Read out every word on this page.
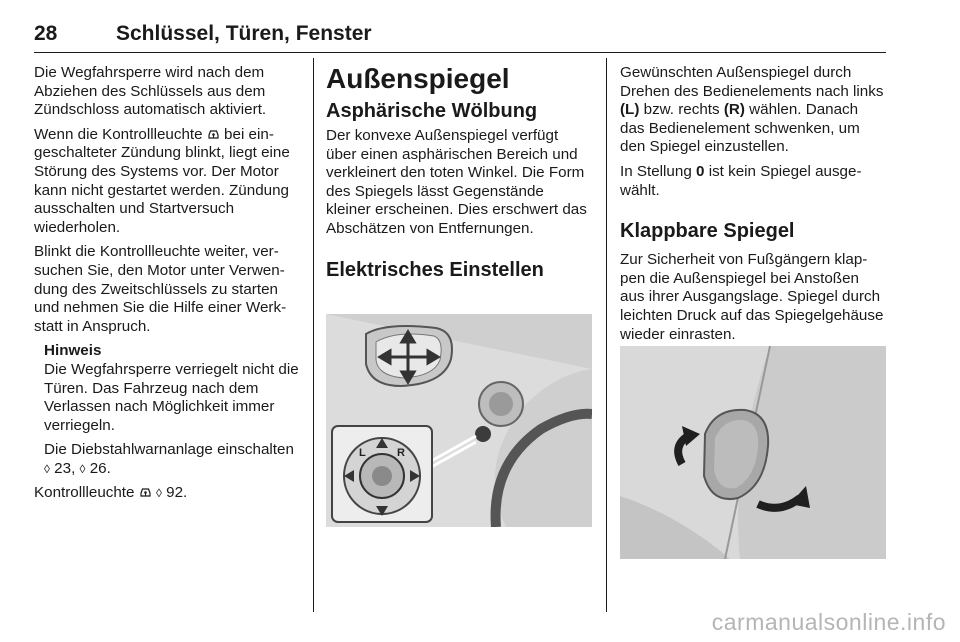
28	Schlüssel, Türen, Fenster

Die Wegfahrsperre wird nach dem Abziehen des Schlüssels aus dem Zündschloss automatisch aktiviert.

Wenn die Kontrollleuchte bei eingeschalteter Zündung blinkt, liegt eine Störung des Systems vor. Der Motor kann nicht gestartet werden. Zündung ausschalten und Startversuch wiederholen.

Blinkt die Kontrollleuchte weiter, versuchen Sie, den Motor unter Verwendung des Zweitschlüssels zu starten und nehmen Sie die Hilfe einer Werkstatt in Anspruch.

Hinweis
Die Wegfahrsperre verriegelt nicht die Türen. Das Fahrzeug nach dem Verlassen nach Möglichkeit immer verriegeln.

Die Diebstahlwarnanlage einschalten ◊ 23, ◊ 26.

Kontrollleuchte ◊ 92.

Außenspiegel
Asphärische Wölbung

Der konvexe Außenspiegel verfügt über einen asphärischen Bereich und verkleinert den toten Winkel. Die Form des Spiegels lässt Gegenstände kleiner erscheinen. Dies erschwert das Abschätzen von Entfernungen.

Elektrisches Einstellen
L	R

Gewünschten Außenspiegel durch Drehen des Bedienelements nach links (L) bzw. rechts (R) wählen. Danach das Bedienelement schwenken, um den Spiegel einzustellen.

In Stellung 0 ist kein Spiegel ausgewählt.

Klappbare Spiegel

Zur Sicherheit von Fußgängern klappen die Außenspiegel bei Anstoßen aus ihrer Ausgangslage. Spiegel durch leichten Druck auf das Spiegelgehäuse wieder einrasten.

carmanualsonline.info
